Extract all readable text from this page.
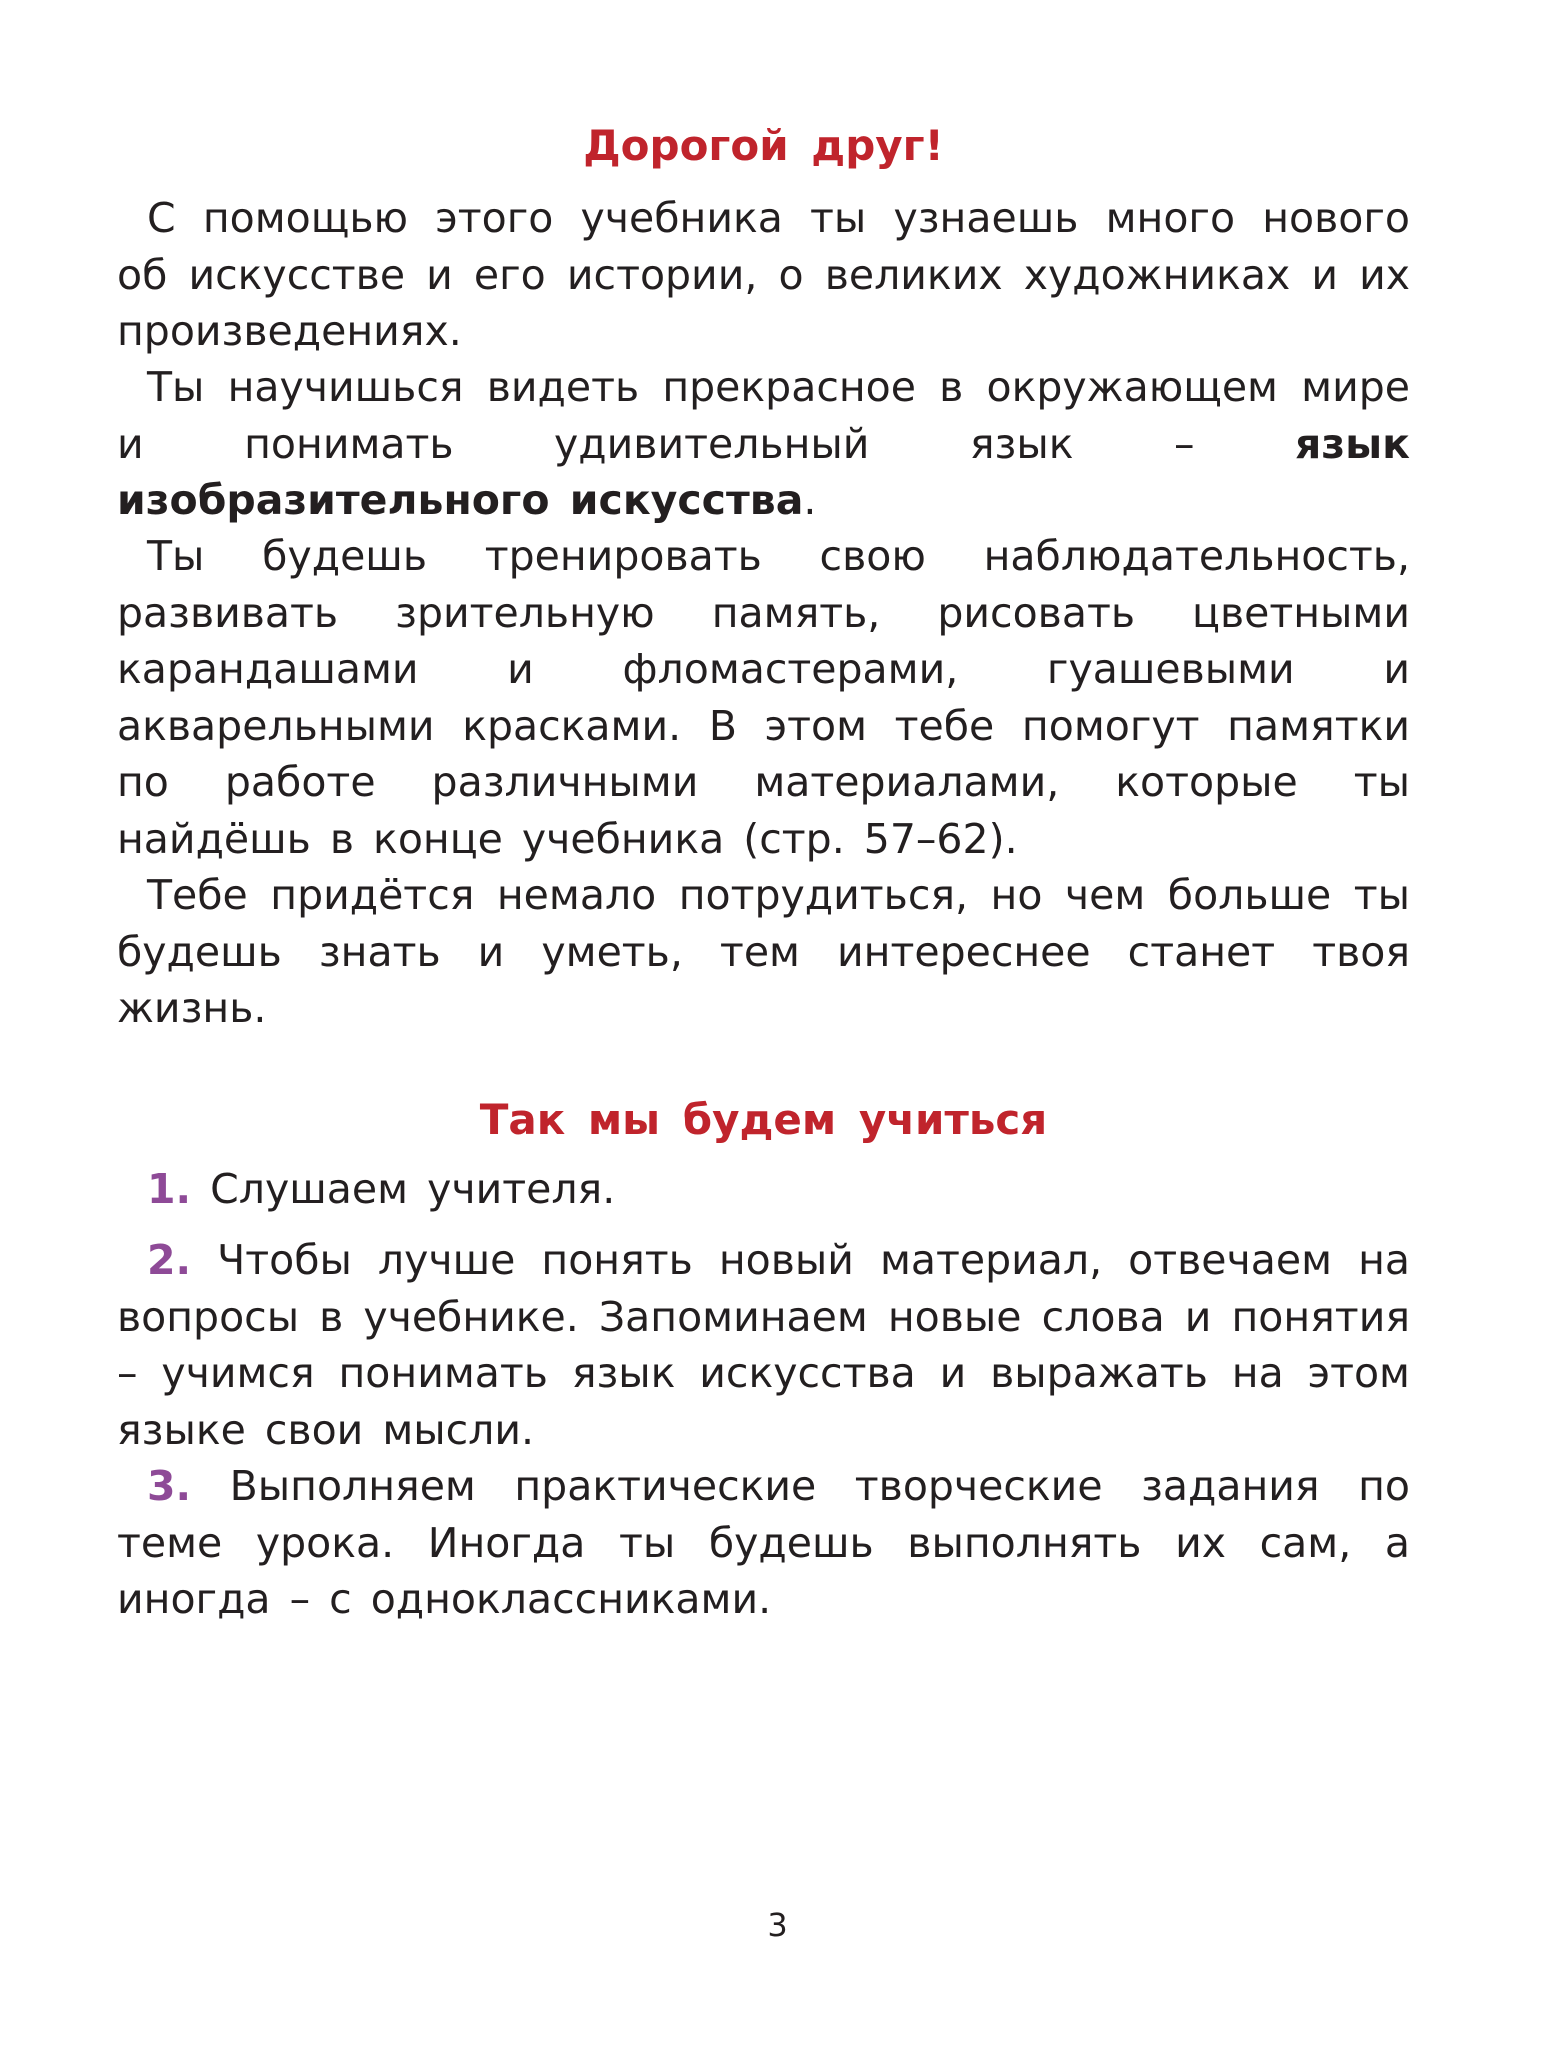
Дорогой друг!

С помощью этого учебника ты узнаешь много нового об искусстве и его истории, о великих художниках и их произведениях.

Ты научишься видеть прекрасное в окружающем мире и понимать удивительный язык – язык изобразительного искусства.

Ты будешь тренировать свою наблюдательность, развивать зрительную память, рисовать цветными карандашами и фломастерами, гуашевыми и акварельными красками. В этом тебе помогут памятки по работе различными материалами, которые ты найдёшь в конце учебника (стр. 57–62).

Тебе придётся немало потрудиться, но чем больше ты будешь знать и уметь, тем интереснее станет твоя жизнь.

Так мы будем учиться

1. Слушаем учителя.

2. Чтобы лучше понять новый материал, отвечаем на вопросы в учебнике. Запоминаем новые слова и понятия – учимся понимать язык искусства и выражать на этом языке свои мысли.

3. Выполняем практические творческие задания по теме урока. Иногда ты будешь выполнять их сам, а иногда – с одноклассниками.

3
